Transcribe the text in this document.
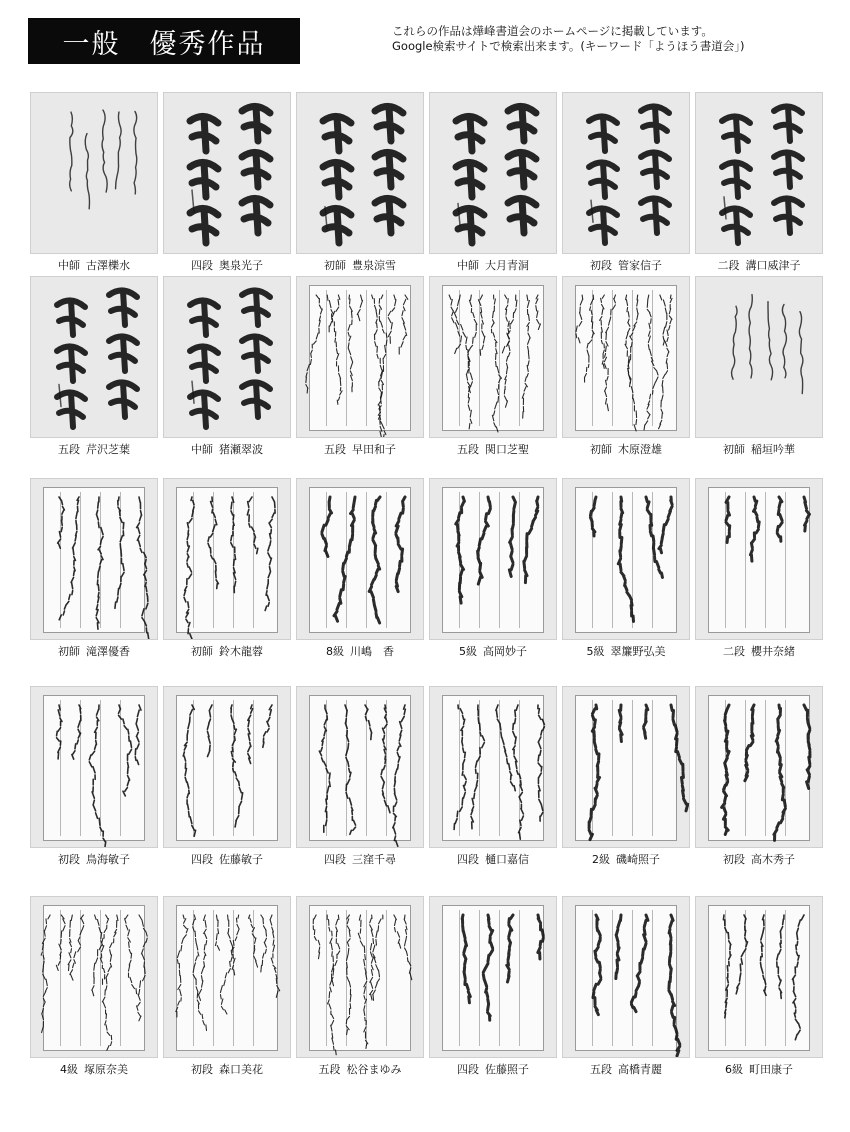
一般　優秀作品	これらの作品は燁峰書道会のホームページに掲載しています。
Google検索サイトで検索出来ます。(キーワード「ようほう書道会」)
中師 古澤櫟水	四段 奥泉光子	初師 豊泉涼雪	中師 大月青洞	初段 管家信子	二段 溝口威津子
五段 芹沢芝葉	中師 猪瀬翠波	五段 早田和子	五段 関口芝聖	初師 木原澄雄	初師 稲垣吟華
初師 滝澤優香	初師 鈴木龍蓉	8級 川嶋　香	5級 高岡妙子	5級 翠簾野弘美	二段 櫻井奈緒
初段 鳥海敏子	四段 佐藤敏子	四段 三窪千尋	四段 樋口嘉信	2級 磯崎照子	初段 高木秀子
4級 塚原奈美	初段 森口美花	五段 松谷まゆみ	四段 佐藤照子	五段 高橋青麗	6級 町田康子
